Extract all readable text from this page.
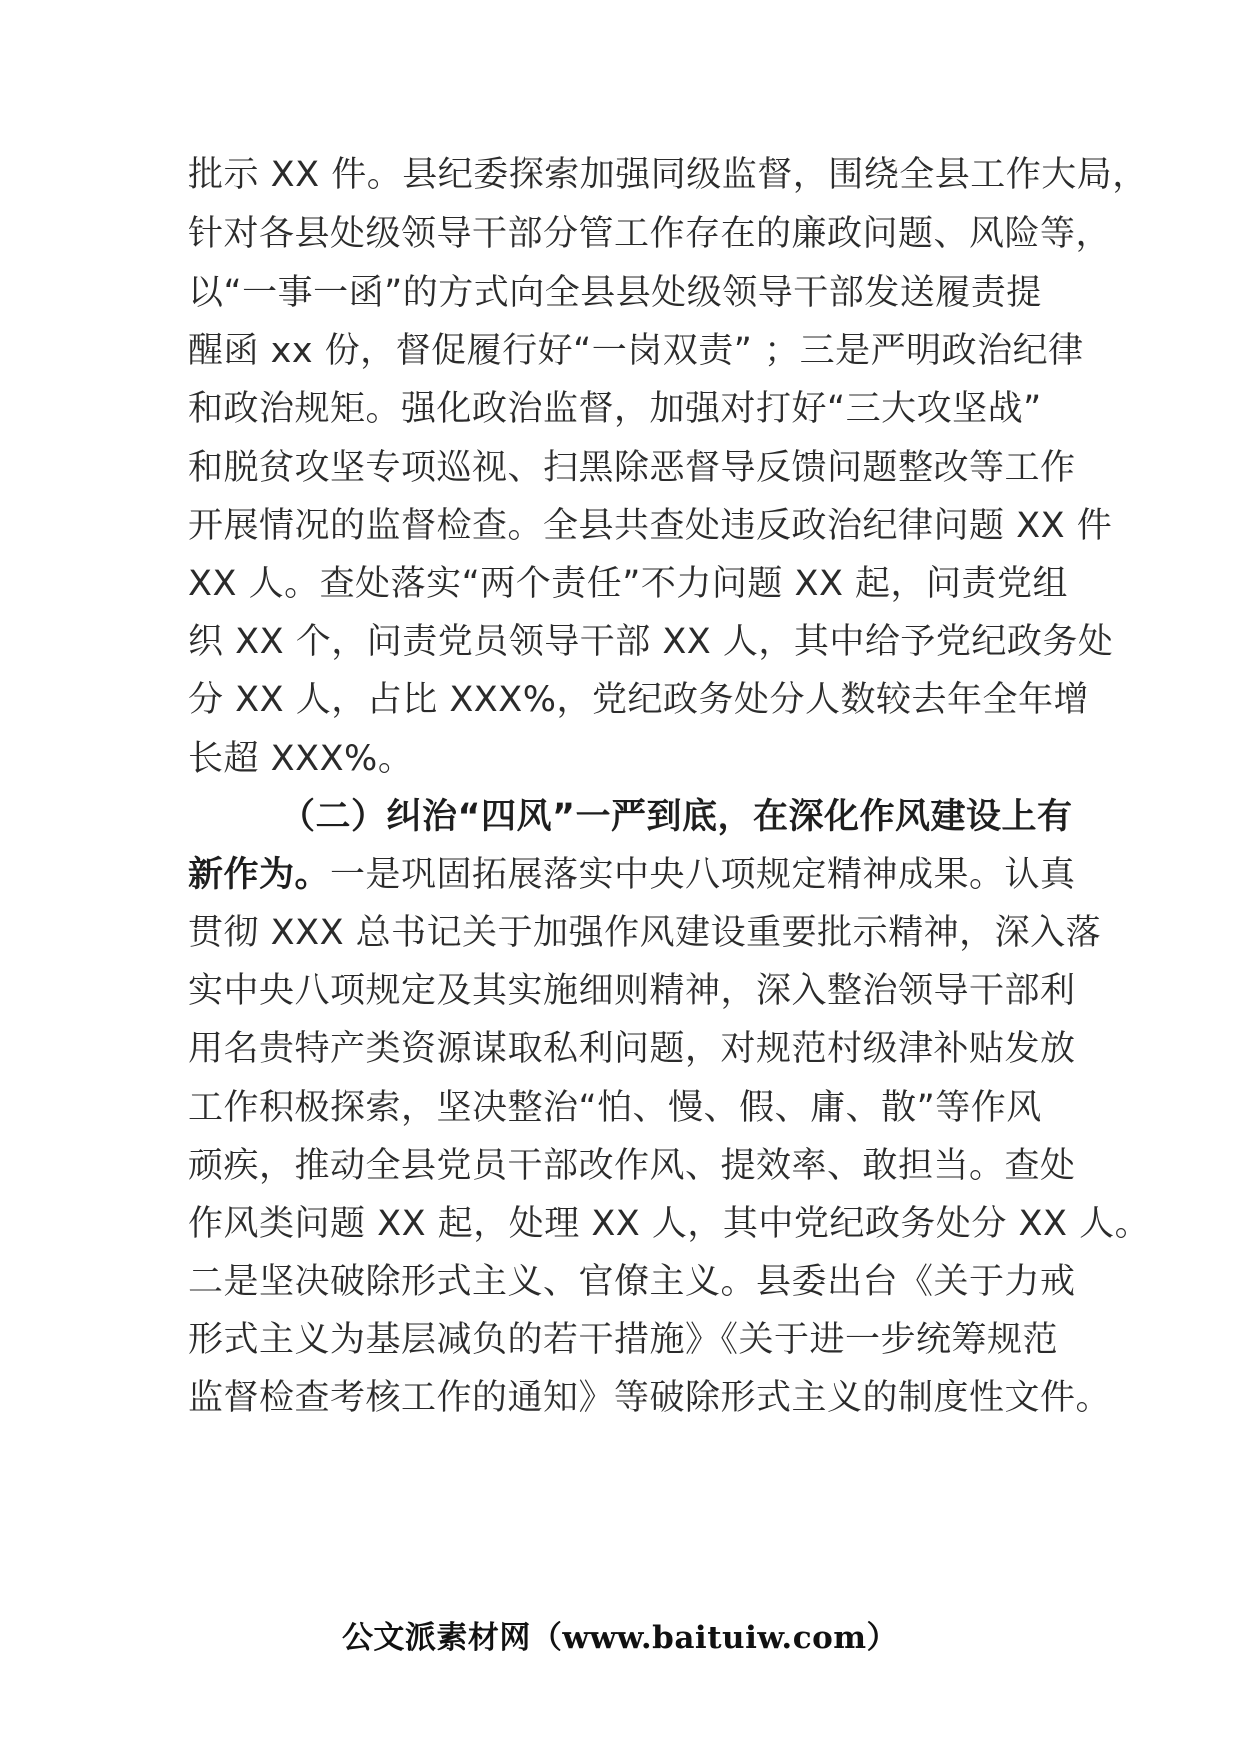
批示 XX 件。县纪委探索加强同级监督，围绕全县工作大局，
针对各县处级领导干部分管工作存在的廉政问题、风险等，
以“一事一函”的方式向全县县处级领导干部发送履责提
醒函 xx 份，督促履行好“一岗双责” ；三是严明政治纪律
和政治规矩。强化政治监督，加强对打好“三大攻坚战”
和脱贫攻坚专项巡视、扫黑除恶督导反馈问题整改等工作
开展情况的监督检查。全县共查处违反政治纪律问题 XX 件
XX 人。查处落实“两个责任”不力问题 XX 起，问责党组
织 XX 个，问责党员领导干部 XX 人，其中给予党纪政务处
分 XX 人，占比 XXX%，党纪政务处分人数较去年全年增
长超 XXX%。
（二）纠治“四风”一严到底，在深化作风建设上有
新作为。一是巩固拓展落实中央八项规定精神成果。认真
贯彻 XXX 总书记关于加强作风建设重要批示精神，深入落
实中央八项规定及其实施细则精神，深入整治领导干部利
用名贵特产类资源谋取私利问题，对规范村级津补贴发放
工作积极探索，坚决整治“怕、慢、假、庸、散”等作风
顽疾，推动全县党员干部改作风、提效率、敢担当。查处
作风类问题 XX 起，处理 XX 人，其中党纪政务处分 XX 人。
二是坚决破除形式主义、官僚主义。县委出台《关于力戒
形式主义为基层减负的若干措施》《关于进一步统筹规范
监督检查考核工作的通知》等破除形式主义的制度性文件。
公文派素材网（www.baituiw.com）
